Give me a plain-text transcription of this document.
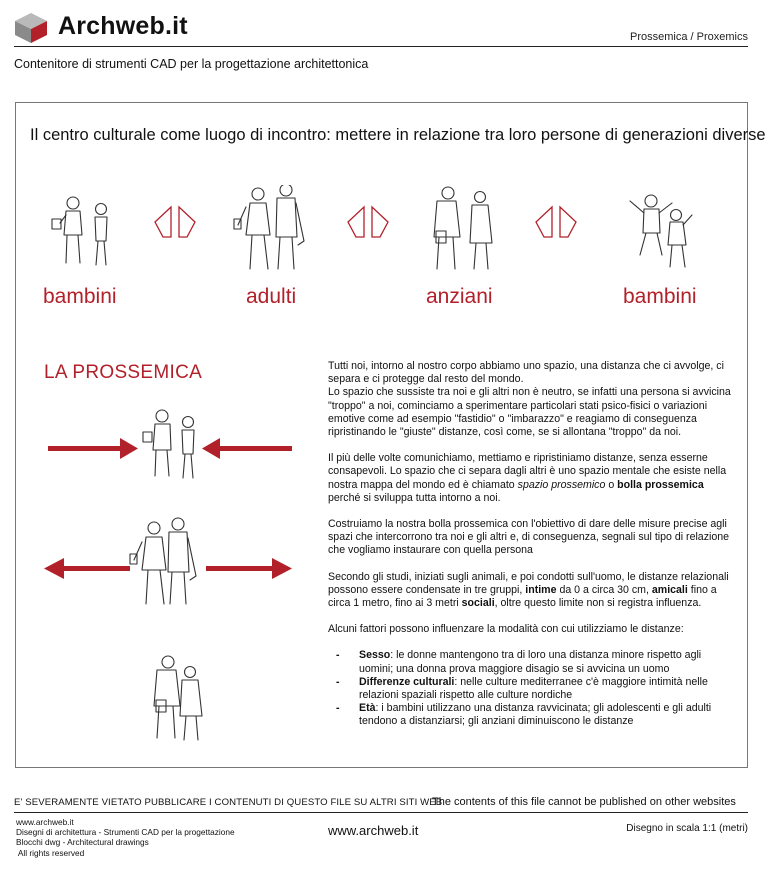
Archweb.it	Prossemica / Proxemics
Contenitore di strumenti CAD per la progettazione architettonica
Il centro culturale come luogo di incontro: mettere in relazione tra loro persone di generazioni diverse
bambini	adulti	anziani	bambini
LA PROSSEMICA	Tutti noi, intorno al nostro corpo abbiamo uno spazio, una distanza che ci avvolge, ci separa e ci protegge dal resto del mondo.
Lo spazio che sussiste tra noi e gli altri non è neutro, se infatti una persona si avvicina "troppo" a noi, cominciamo a sperimentare particolari stati psico-fisici o variazioni emotive come ad esempio "fastidio" o "imbarazzo" e reagiamo di conseguenza ripristinando le "giuste" distanze, così come, se si allontana "troppo" da noi.

Il più delle volte comunichiamo, mettiamo e ripristiniamo distanze, senza esserne consapevoli. Lo spazio che ci separa dagli altri è uno spazio mentale che esiste nella nostra mappa del mondo ed è chiamato spazio prossemico o bolla prossemica perché si sviluppa tutta intorno a noi.

Costruiamo la nostra bolla prossemica con l'obiettivo di dare delle misure precise agli spazi che intercorrono tra noi e gli altri e, di conseguenza, segnali sul tipo di relazione che vogliamo instaurare con quella persona

Secondo gli studi, iniziati sugli animali, e poi condotti sull'uomo, le distanze relazionali possono essere condensate in tre gruppi, intime da 0 a circa 30 cm, amicali fino a circa 1 metro, fino ai 3 metri sociali, oltre questo limite non si registra influenza.

Alcuni fattori possono influenzare la modalità con cui utilizziamo le distanze:

- Sesso: le donne mantengono tra di loro una distanza minore rispetto agli uomini; una donna prova maggiore disagio se si avvicina un uomo
- Differenze culturali: nelle culture mediterranee c'è maggiore intimità nelle relazioni spaziali rispetto alle culture nordiche
- Età: i bambini utilizzano una distanza ravvicinata; gli adolescenti e gli adulti tendono a distanziarsi; gli anziani diminuiscono le distanze
E' SEVERAMENTE VIETATO PUBBLICARE I CONTENUTI DI QUESTO FILE SU ALTRI SITI WEB
The contents of this file cannot be published on other websites
www.archweb.it
Disegni di architettura - Strumenti CAD per la progettazione
Blocchi dwg - Architectural drawings
All rights reserved
www.archweb.it	Disegno in scala 1:1 (metri)
